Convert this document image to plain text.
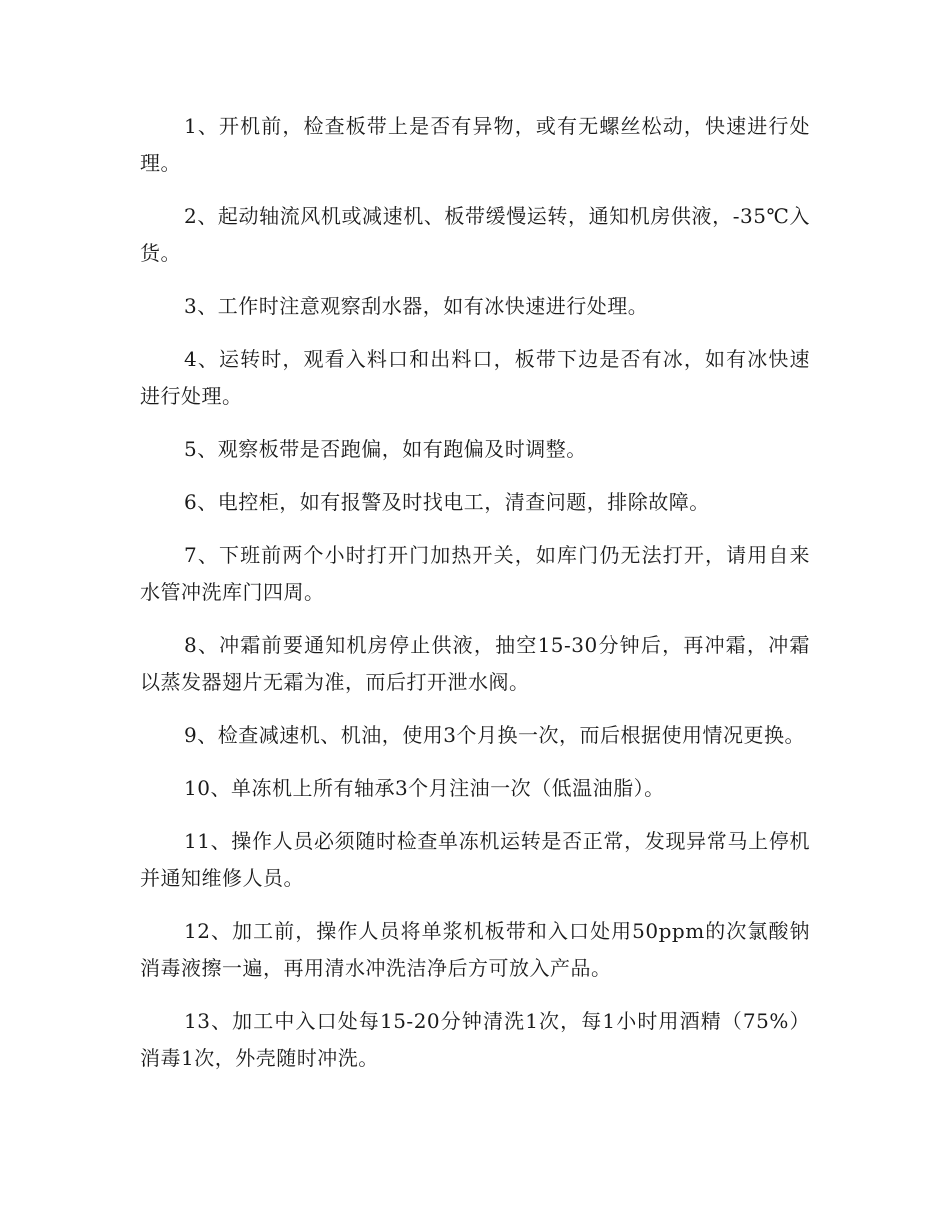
1、开机前，检查板带上是否有异物，或有无螺丝松动，快速进行处理。

2、起动轴流风机或减速机、板带缓慢运转，通知机房供液，-35℃入货。

3、工作时注意观察刮水器，如有冰快速进行处理。

4、运转时，观看入料口和出料口，板带下边是否有冰，如有冰快速进行处理。

5、观察板带是否跑偏，如有跑偏及时调整。

6、电控柜，如有报警及时找电工，清查问题，排除故障。

7、下班前两个小时打开门加热开关，如库门仍无法打开，请用自来水管冲洗库门四周。

8、冲霜前要通知机房停止供液，抽空15-30分钟后，再冲霜，冲霜以蒸发器翅片无霜为准，而后打开泄水阀。

9、检查减速机、机油，使用3个月换一次，而后根据使用情况更换。

10、单冻机上所有轴承3个月注油一次（低温油脂）。

11、操作人员必须随时检查单冻机运转是否正常，发现异常马上停机并通知维修人员。

12、加工前，操作人员将单浆机板带和入口处用50ppm的次氯酸钠消毒液擦一遍，再用清水冲洗洁净后方可放入产品。

13、加工中入口处每15-20分钟清洗1次，每1小时用酒精（75%）消毒1次，外壳随时冲洗。
